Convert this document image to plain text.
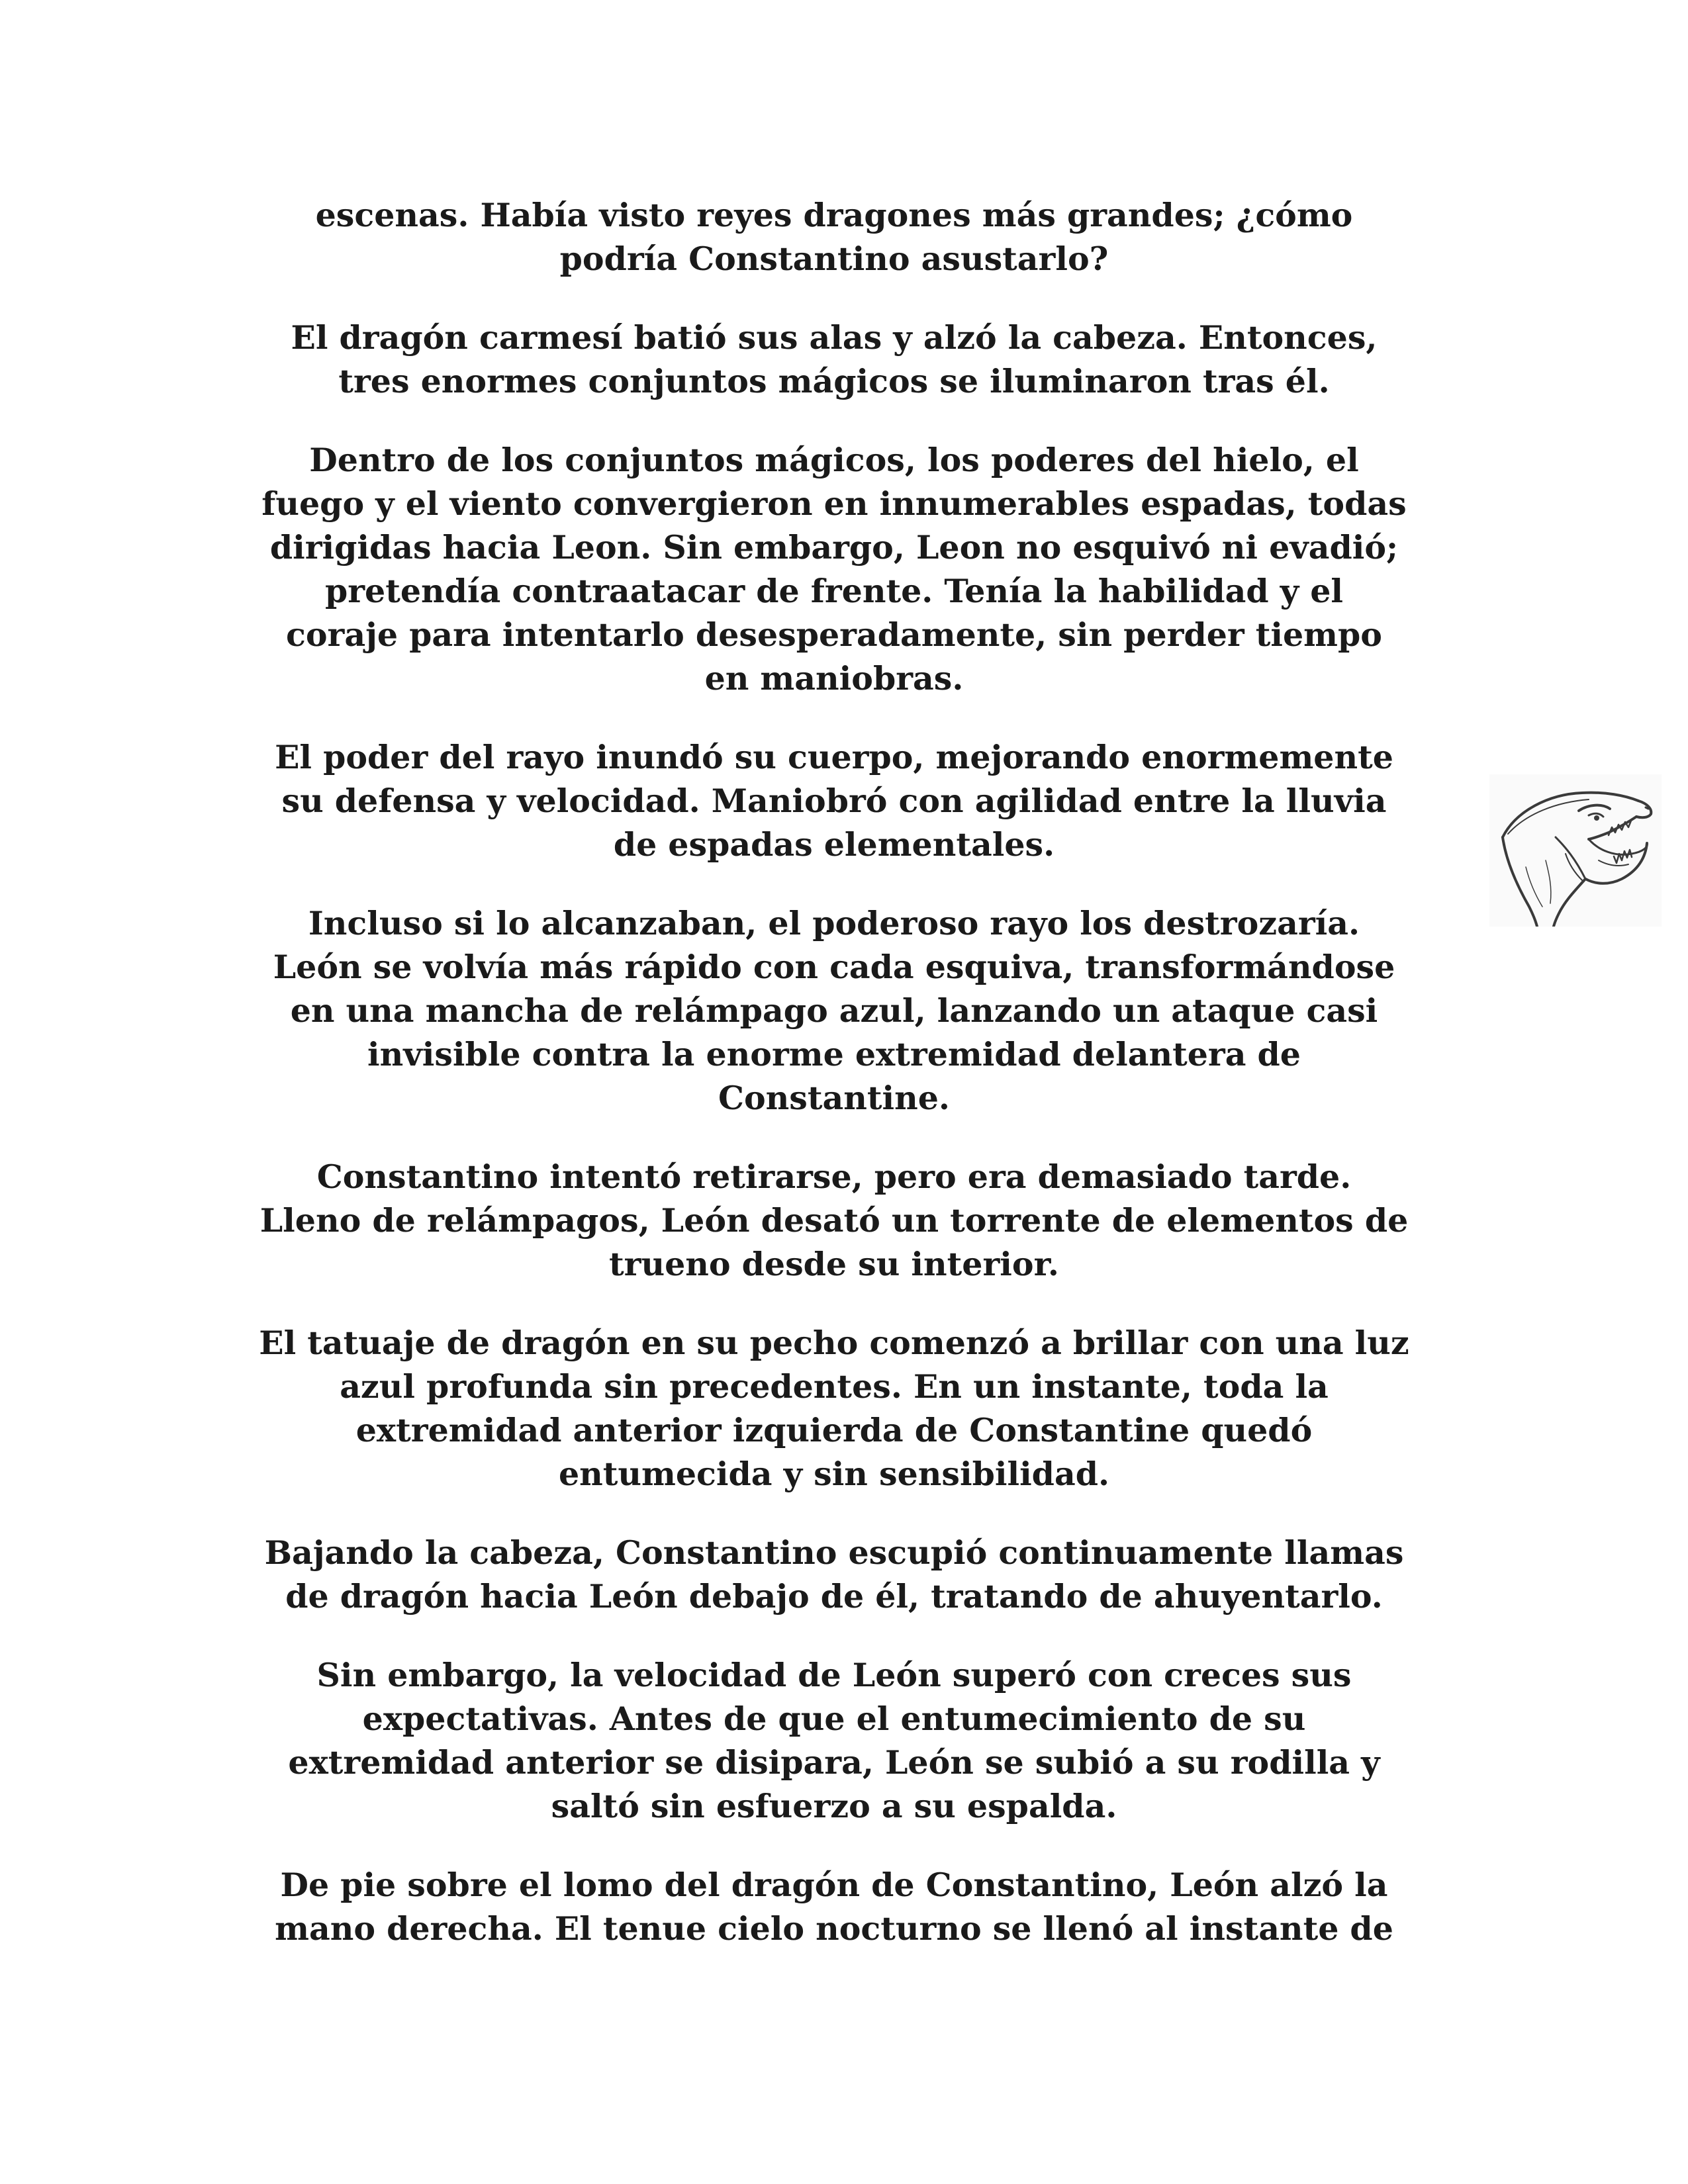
escenas. Había visto reyes dragones más grandes; ¿cómo
podría Constantino asustarlo?

El dragón carmesí batió sus alas y alzó la cabeza. Entonces,
tres enormes conjuntos mágicos se iluminaron tras él.

Dentro de los conjuntos mágicos, los poderes del hielo, el
fuego y el viento convergieron en innumerables espadas, todas
dirigidas hacia Leon. Sin embargo, Leon no esquivó ni evadió;
pretendía contraatacar de frente. Tenía la habilidad y el
coraje para intentarlo desesperadamente, sin perder tiempo
en maniobras.

El poder del rayo inundó su cuerpo, mejorando enormemente
su defensa y velocidad. Maniobró con agilidad entre la lluvia
de espadas elementales.

Incluso si lo alcanzaban, el poderoso rayo los destrozaría.
León se volvía más rápido con cada esquiva, transformándose
en una mancha de relámpago azul, lanzando un ataque casi
invisible contra la enorme extremidad delantera de
Constantine.

Constantino intentó retirarse, pero era demasiado tarde.
Lleno de relámpagos, León desató un torrente de elementos de
trueno desde su interior.

El tatuaje de dragón en su pecho comenzó a brillar con una luz
azul profunda sin precedentes. En un instante, toda la
extremidad anterior izquierda de Constantine quedó
entumecida y sin sensibilidad.

Bajando la cabeza, Constantino escupió continuamente llamas
de dragón hacia León debajo de él, tratando de ahuyentarlo.

Sin embargo, la velocidad de León superó con creces sus
expectativas. Antes de que el entumecimiento de su
extremidad anterior se disipara, León se subió a su rodilla y
saltó sin esfuerzo a su espalda.

De pie sobre el lomo del dragón de Constantino, León alzó la
mano derecha. El tenue cielo nocturno se llenó al instante de
